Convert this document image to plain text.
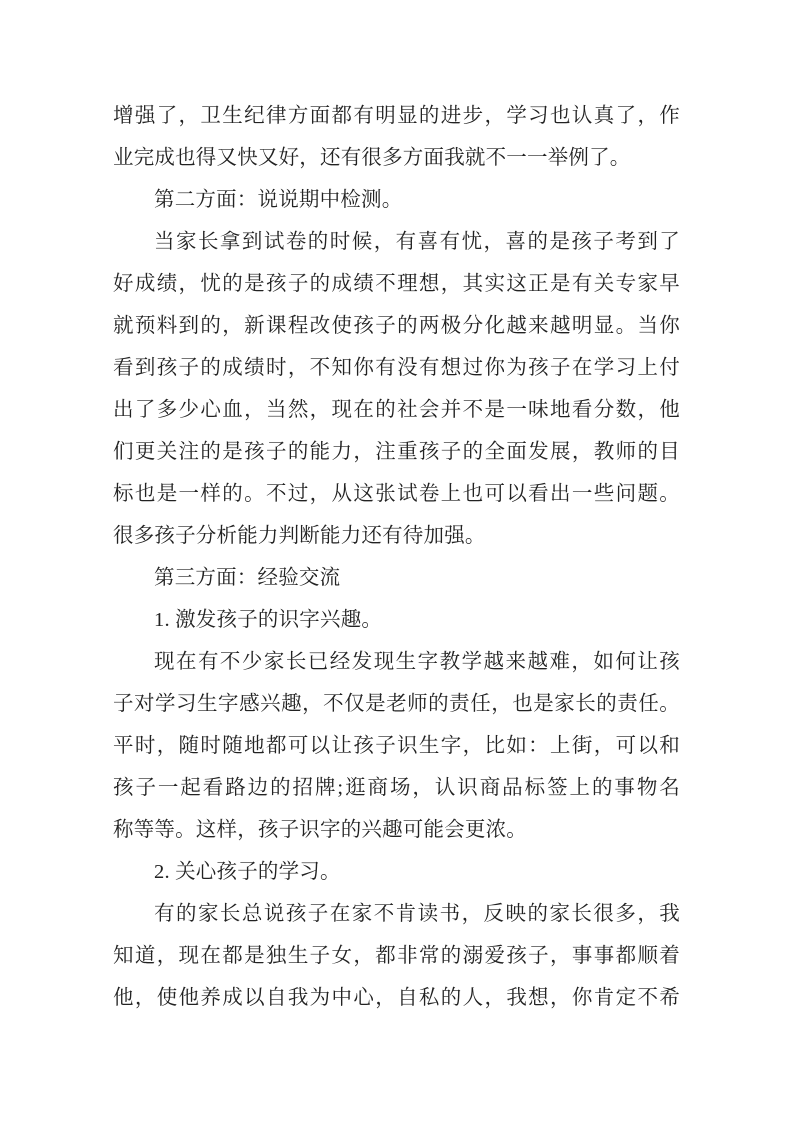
增强了，卫生纪律方面都有明显的进步，学习也认真了，作
业完成也得又快又好，还有很多方面我就不一一举例了。
第二方面：说说期中检测。
当家长拿到试卷的时候，有喜有忧，喜的是孩子考到了
好成绩，忧的是孩子的成绩不理想，其实这正是有关专家早
就预料到的，新课程改使孩子的两极分化越来越明显。当你
看到孩子的成绩时，不知你有没有想过你为孩子在学习上付
出了多少心血，当然，现在的社会并不是一味地看分数，他
们更关注的是孩子的能力，注重孩子的全面发展，教师的目
标也是一样的。不过，从这张试卷上也可以看出一些问题。
很多孩子分析能力判断能力还有待加强。
第三方面：经验交流
1. 激发孩子的识字兴趣。
现在有不少家长已经发现生字教学越来越难，如何让孩
子对学习生字感兴趣，不仅是老师的责任，也是家长的责任。
平时，随时随地都可以让孩子识生字，比如：上街，可以和
孩子一起看路边的招牌;逛商场，认识商品标签上的事物名
称等等。这样，孩子识字的兴趣可能会更浓。
2. 关心孩子的学习。
有的家长总说孩子在家不肯读书，反映的家长很多，我
知道，现在都是独生子女，都非常的溺爱孩子，事事都顺着
他，使他养成以自我为中心，自私的人，我想，你肯定不希
